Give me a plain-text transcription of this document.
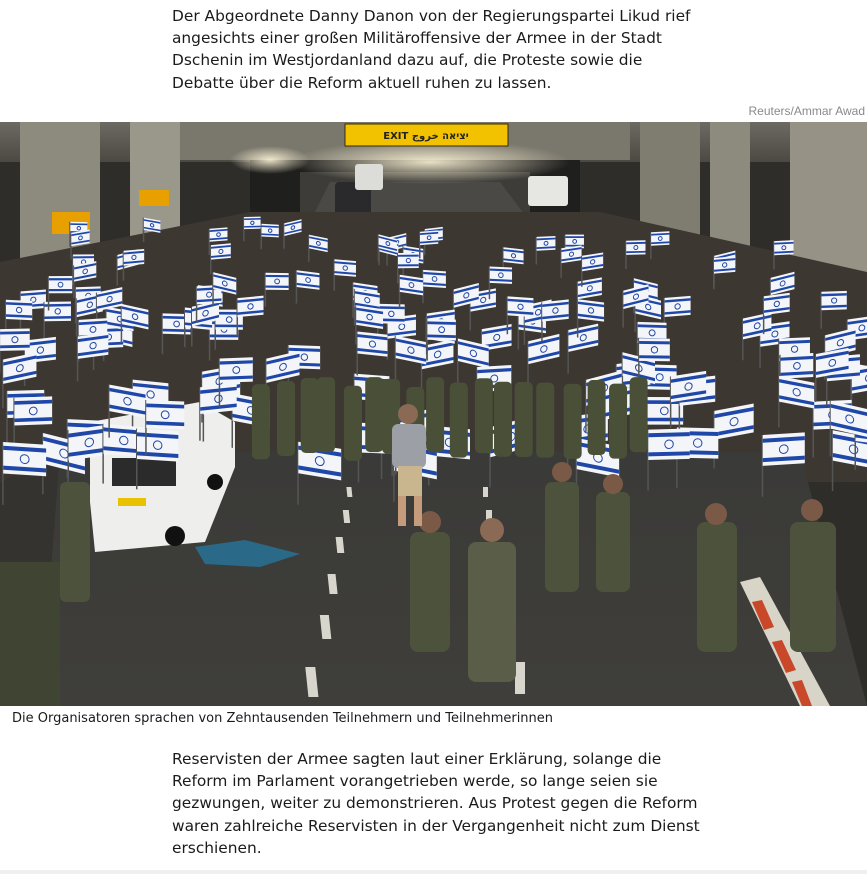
Der Abgeordnete Danny Danon von der Regierungspartei Likud rief angesichts einer großen Militäroffensive der Armee in der Stadt Dschenin im Westjordanland dazu auf, die Proteste sowie die Debatte über die Reform aktuell ruhen zu lassen.

Reuters/Ammar Awad
EXIT יציאה خروج
Die Organisatoren sprachen von Zehntausenden Teilnehmern und Teilnehmerinnen

Reservisten der Armee sagten laut einer Erklärung, solange die Reform im Parlament vorangetrieben werde, so lange seien sie gezwungen, weiter zu demonstrieren. Aus Protest gegen die Reform waren zahlreiche Reservisten in der Vergangenheit nicht zum Dienst erschienen.
